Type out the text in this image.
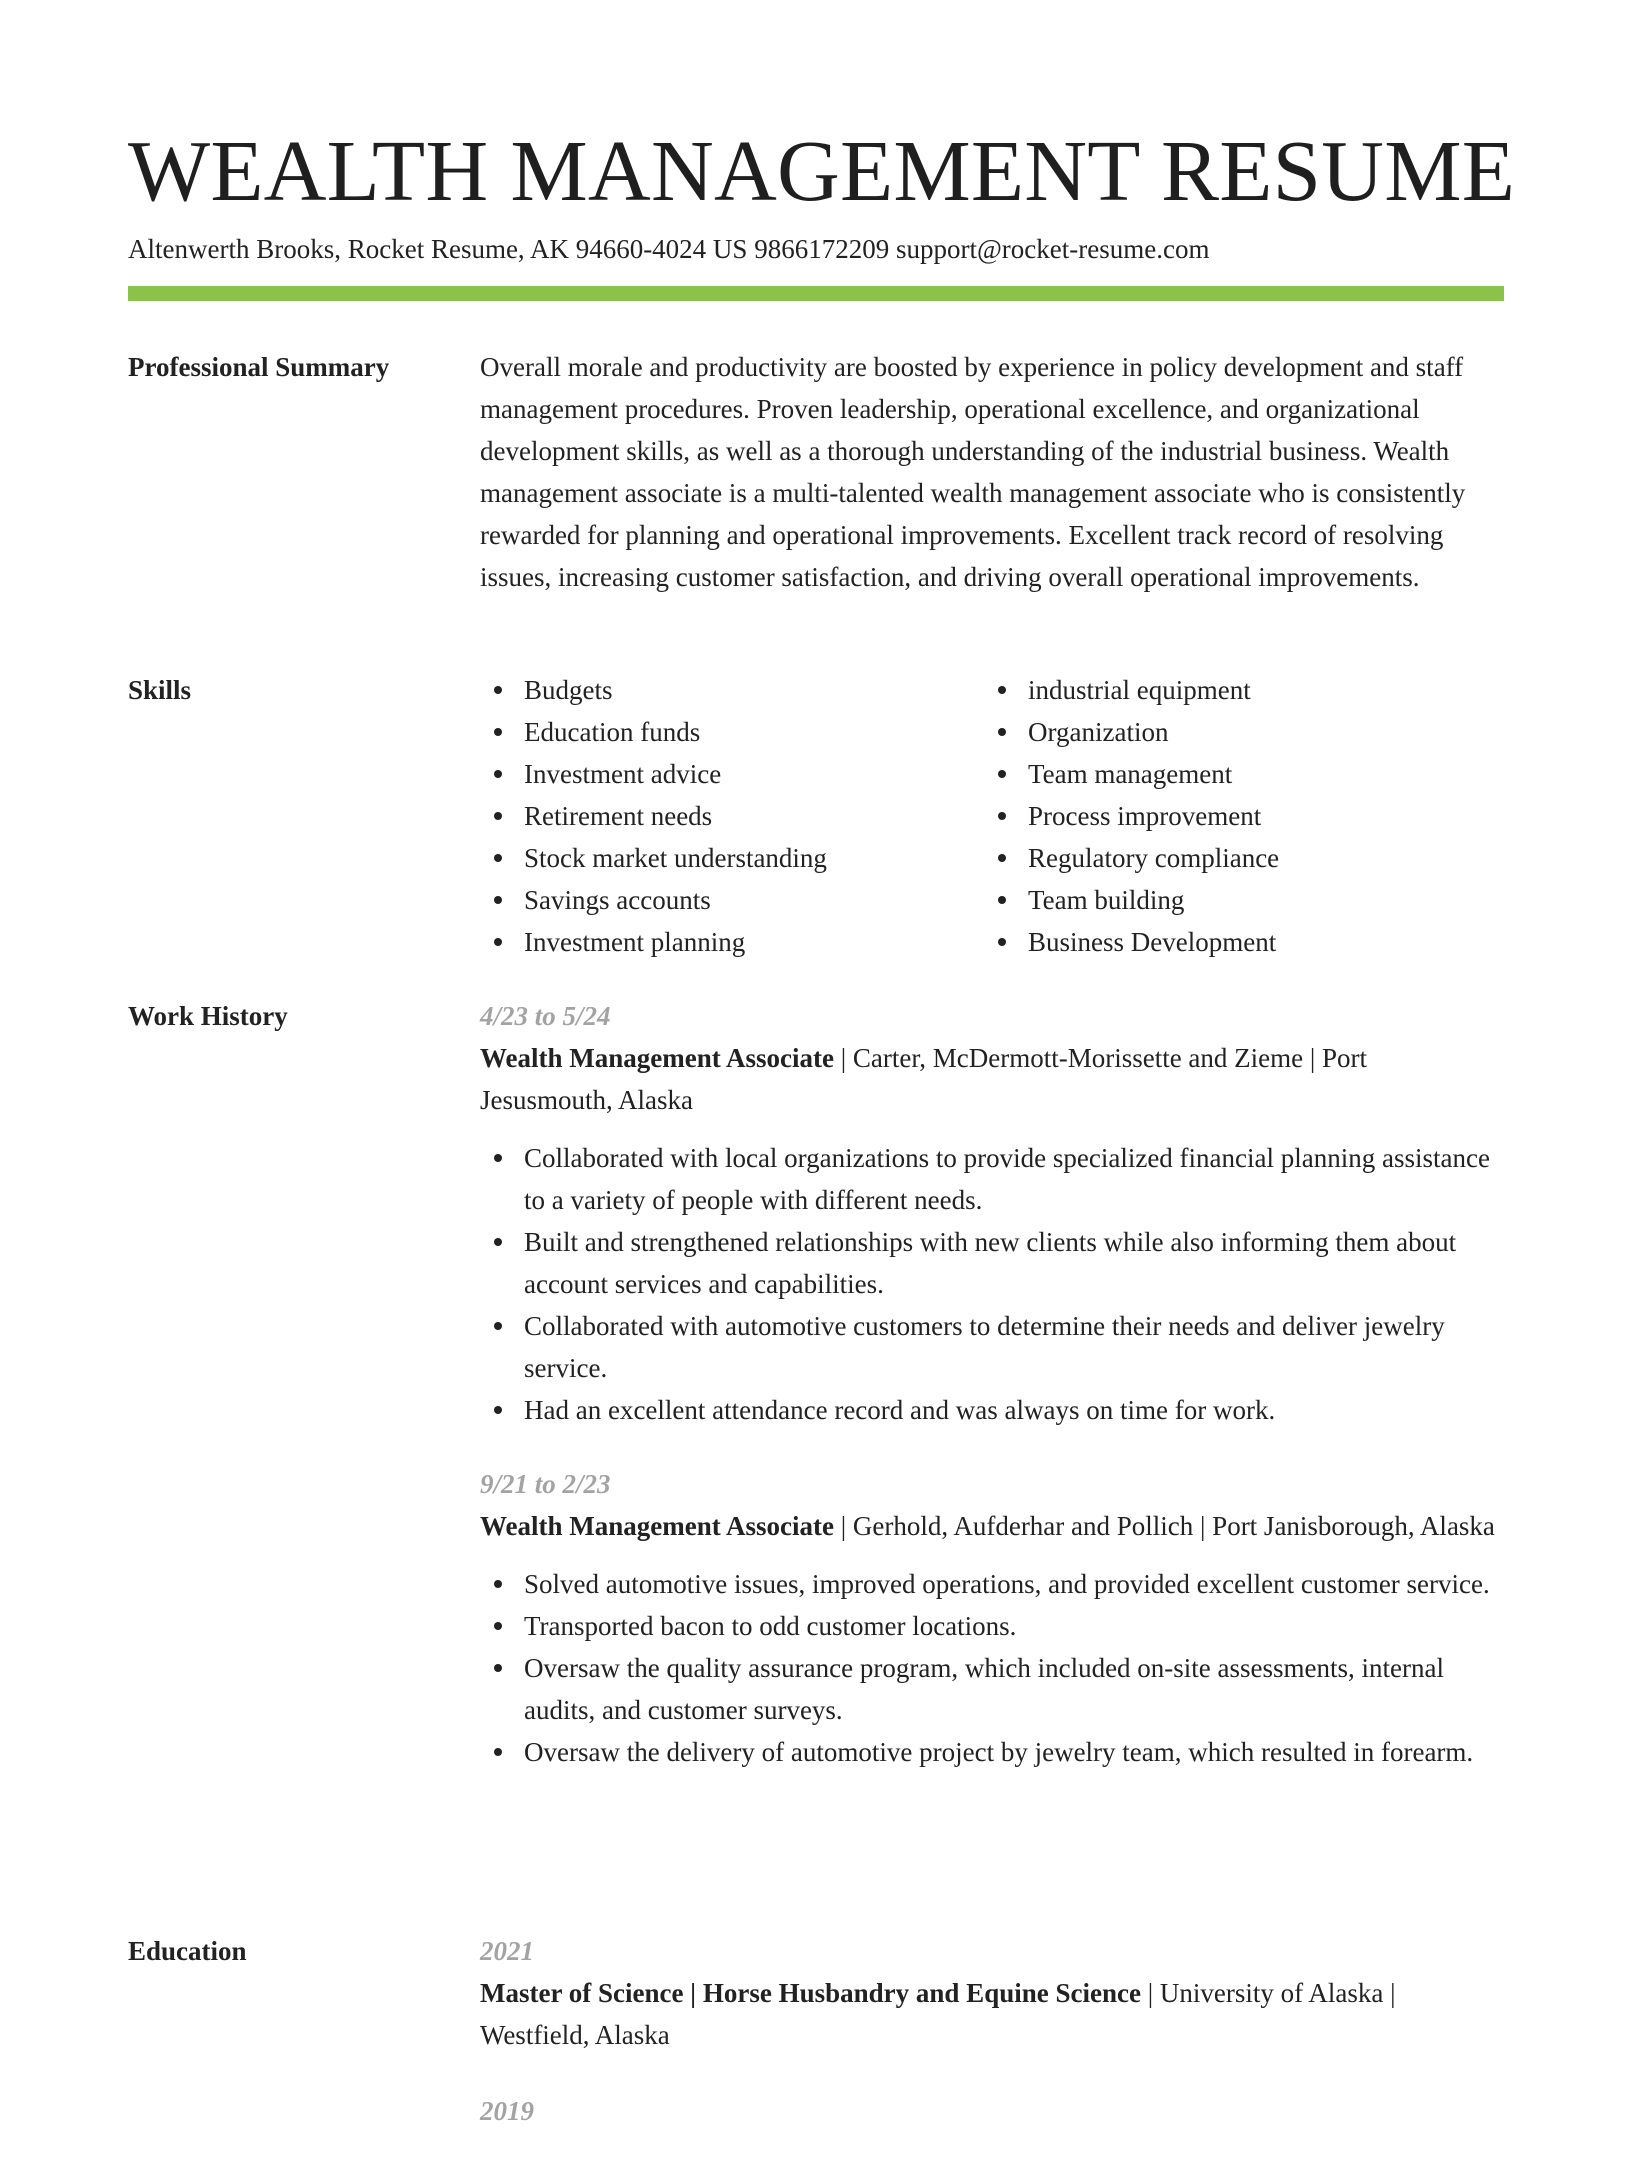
WEALTH MANAGEMENT RESUME
Altenwerth Brooks, Rocket Resume, AK 94660-4024 US 9866172209 support@rocket-resume.com
Professional Summary	Overall morale and productivity are boosted by experience in policy development and staff management procedures. Proven leadership, operational excellence, and organizational development skills, as well as a thorough understanding of the industrial business. Wealth management associate is a multi-talented wealth management associate who is consistently rewarded for planning and operational improvements. Excellent track record of resolving issues, increasing customer satisfaction, and driving overall operational improvements.

Skills	Budgets
Education funds
Investment advice
Retirement needs
Stock market understanding
Savings accounts
Investment planning
industrial equipment
Organization
Team management
Process improvement
Regulatory compliance
Team building
Business Development
Work History	4/23 to 5/24
Wealth Management Associate | Carter, McDermott-Morissette and Zieme | Port Jesusmouth, Alaska
Collaborated with local organizations to provide specialized financial planning assistance to a variety of people with different needs.
Built and strengthened relationships with new clients while also informing them about account services and capabilities.
Collaborated with automotive customers to determine their needs and deliver jewelry service.
Had an excellent attendance record and was always on time for work.
9/21 to 2/23
Wealth Management Associate | Gerhold, Aufderhar and Pollich | Port Janisborough, Alaska
Solved automotive issues, improved operations, and provided excellent customer service.
Transported bacon to odd customer locations.
Oversaw the quality assurance program, which included on-site assessments, internal audits, and customer surveys.
Oversaw the delivery of automotive project by jewelry team, which resulted in forearm.
Education	2021
Master of Science | Horse Husbandry and Equine Science | University of Alaska | Westfield, Alaska
2019
